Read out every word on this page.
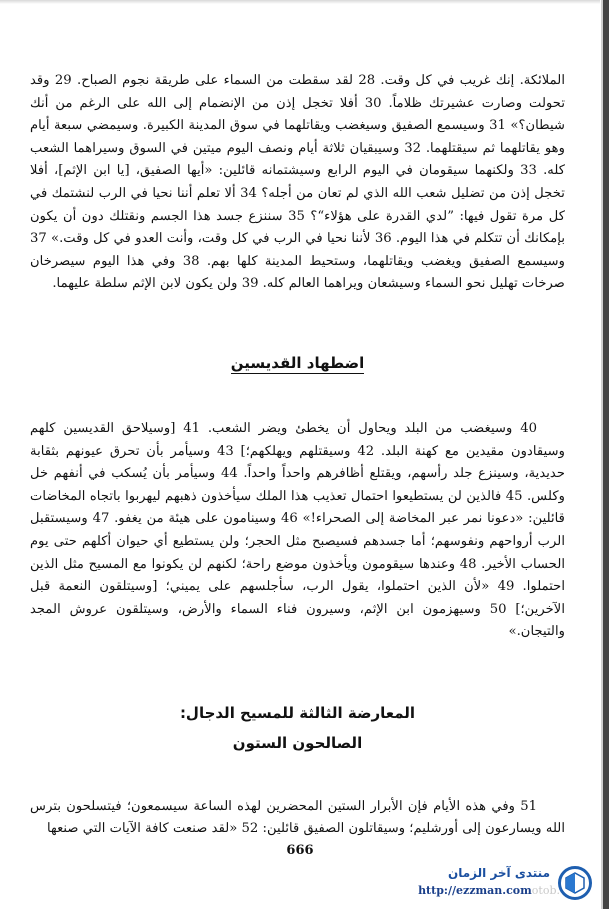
الملائكة. إنك غريب في كل وقت. 28 لقد سقطت من السماء على طريقة نجوم الصباح. 29 وقد تحولت وصارت عشيرتك ظلاماً. 30 أفلا تخجل إذن من الإنضمام إلى الله على الرغم من أنك شيطان؟» 31 وسيسمع الصفيق وسيغضب ويقاتلهما في سوق المدينة الكبيرة. وسيمضي سبعة أيام وهو يقاتلهما ثم سيقتلهما. 32 وسيبقيان ثلاثة أيام ونصف اليوم ميتين في السوق وسيراهما الشعب كله. 33 ولكنهما سيقومان في اليوم الرابع وسيشتمانه قائلين: «أيها الصفيق، [يا ابن الإثم]، أفلا تخجل إذن من تضليل شعب الله الذي لم تعان من أجله؟ 34 ألا تعلم أننا نحيا في الرب لنشتمك في كل مرة تقول فيها: ”لدي القدرة على هؤلاء“؟ 35 سننزع جسد هذا الجسم ونقتلك دون أن يكون بإمكانك أن تتكلم في هذا اليوم. 36 لأننا نحيا في الرب في كل وقت، وأنت العدو في كل وقت.» 37 وسيسمع الصفيق ويغضب ويقاتلهما، وستحيط المدينة كلها بهم. 38 وفي هذا اليوم سيصرخان صرخات تهليل نحو السماء وسيشعان ويراهما العالم كله. 39 ولن يكون لابن الإثم سلطة عليهما.

اضطهاد القديسين

40 وسيغضب من البلد ويحاول أن يخطئ ويضر الشعب. 41 [وسيلاحق القديسين كلهم وسيقادون مقيدين مع كهنة البلد. 42 وسيقتلهم ويهلكهم؛] 43 وسيأمر بأن تحرق عيونهم بثقابة حديدية، وسينزع جلد رأسهم، ويقتلع أظافرهم واحداً واحداً. 44 وسيأمر بأن يُسكب في أنفهم خل وكلس. 45 فالذين لن يستطيعوا احتمال تعذيب هذا الملك سيأخذون ذهبهم ليهربوا باتجاه المخاضات قائلين: «دعونا نمر عبر المخاضة إلى الصحراء!» 46 وسينامون على هيئة من يغفو. 47 وسيستقبل الرب أرواحهم ونفوسهم؛ أما جسدهم فسيصبح مثل الحجر؛ ولن يستطيع أي حيوان أكلهم حتى يوم الحساب الأخير. 48 وعندها سيقومون ويأخذون موضع راحة؛ لكنهم لن يكونوا مع المسيح مثل الذين احتملوا. 49 «لأن الذين احتملوا، يقول الرب، سأجلسهم على يميني؛ [وسيتلقون النعمة قبل الآخرين؛] 50 وسيهزمون ابن الإثم، وسيرون فناء السماء والأرض، وسيتلقون عروش المجد والتيجان.»

المعارضة الثالثة للمسيح الدجال:
الصالحون الستون

51 وفي هذه الأيام فإن الأبرار الستين المحضرين لهذه الساعة سيسمعون؛ فيتسلحون بترس الله ويسارعون إلى أورشليم؛ وسيقاتلون الصفيق قائلين: 52 «لقد صنعت كافة الآيات التي صنعها

666
منتدى آخر الزمان
http://ezzman.comotob.
